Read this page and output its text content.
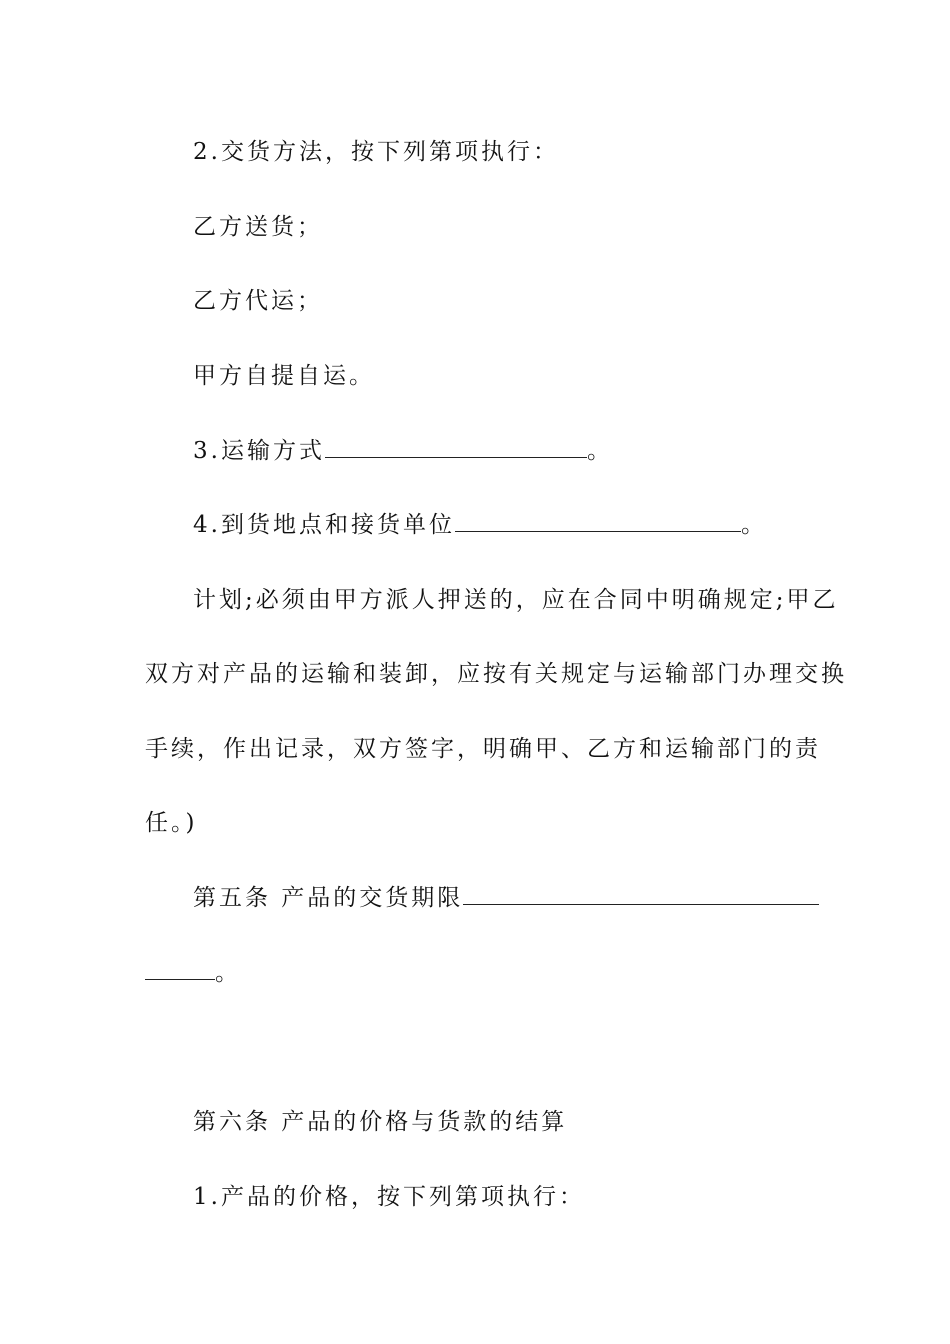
2.交货方法，按下列第项执行：
乙方送货；
乙方代运；
甲方自提自运。
3.运输方式	。
4.到货地点和接货单位	。
计划;必须由甲方派人押送的，应在合同中明确规定;甲乙
双方对产品的运输和装卸，应按有关规定与运输部门办理交换
手续，作出记录，双方签字，明确甲、乙方和运输部门的责
任。)
第五条 产品的交货期限
。
第六条 产品的价格与货款的结算
1.产品的价格，按下列第项执行：
